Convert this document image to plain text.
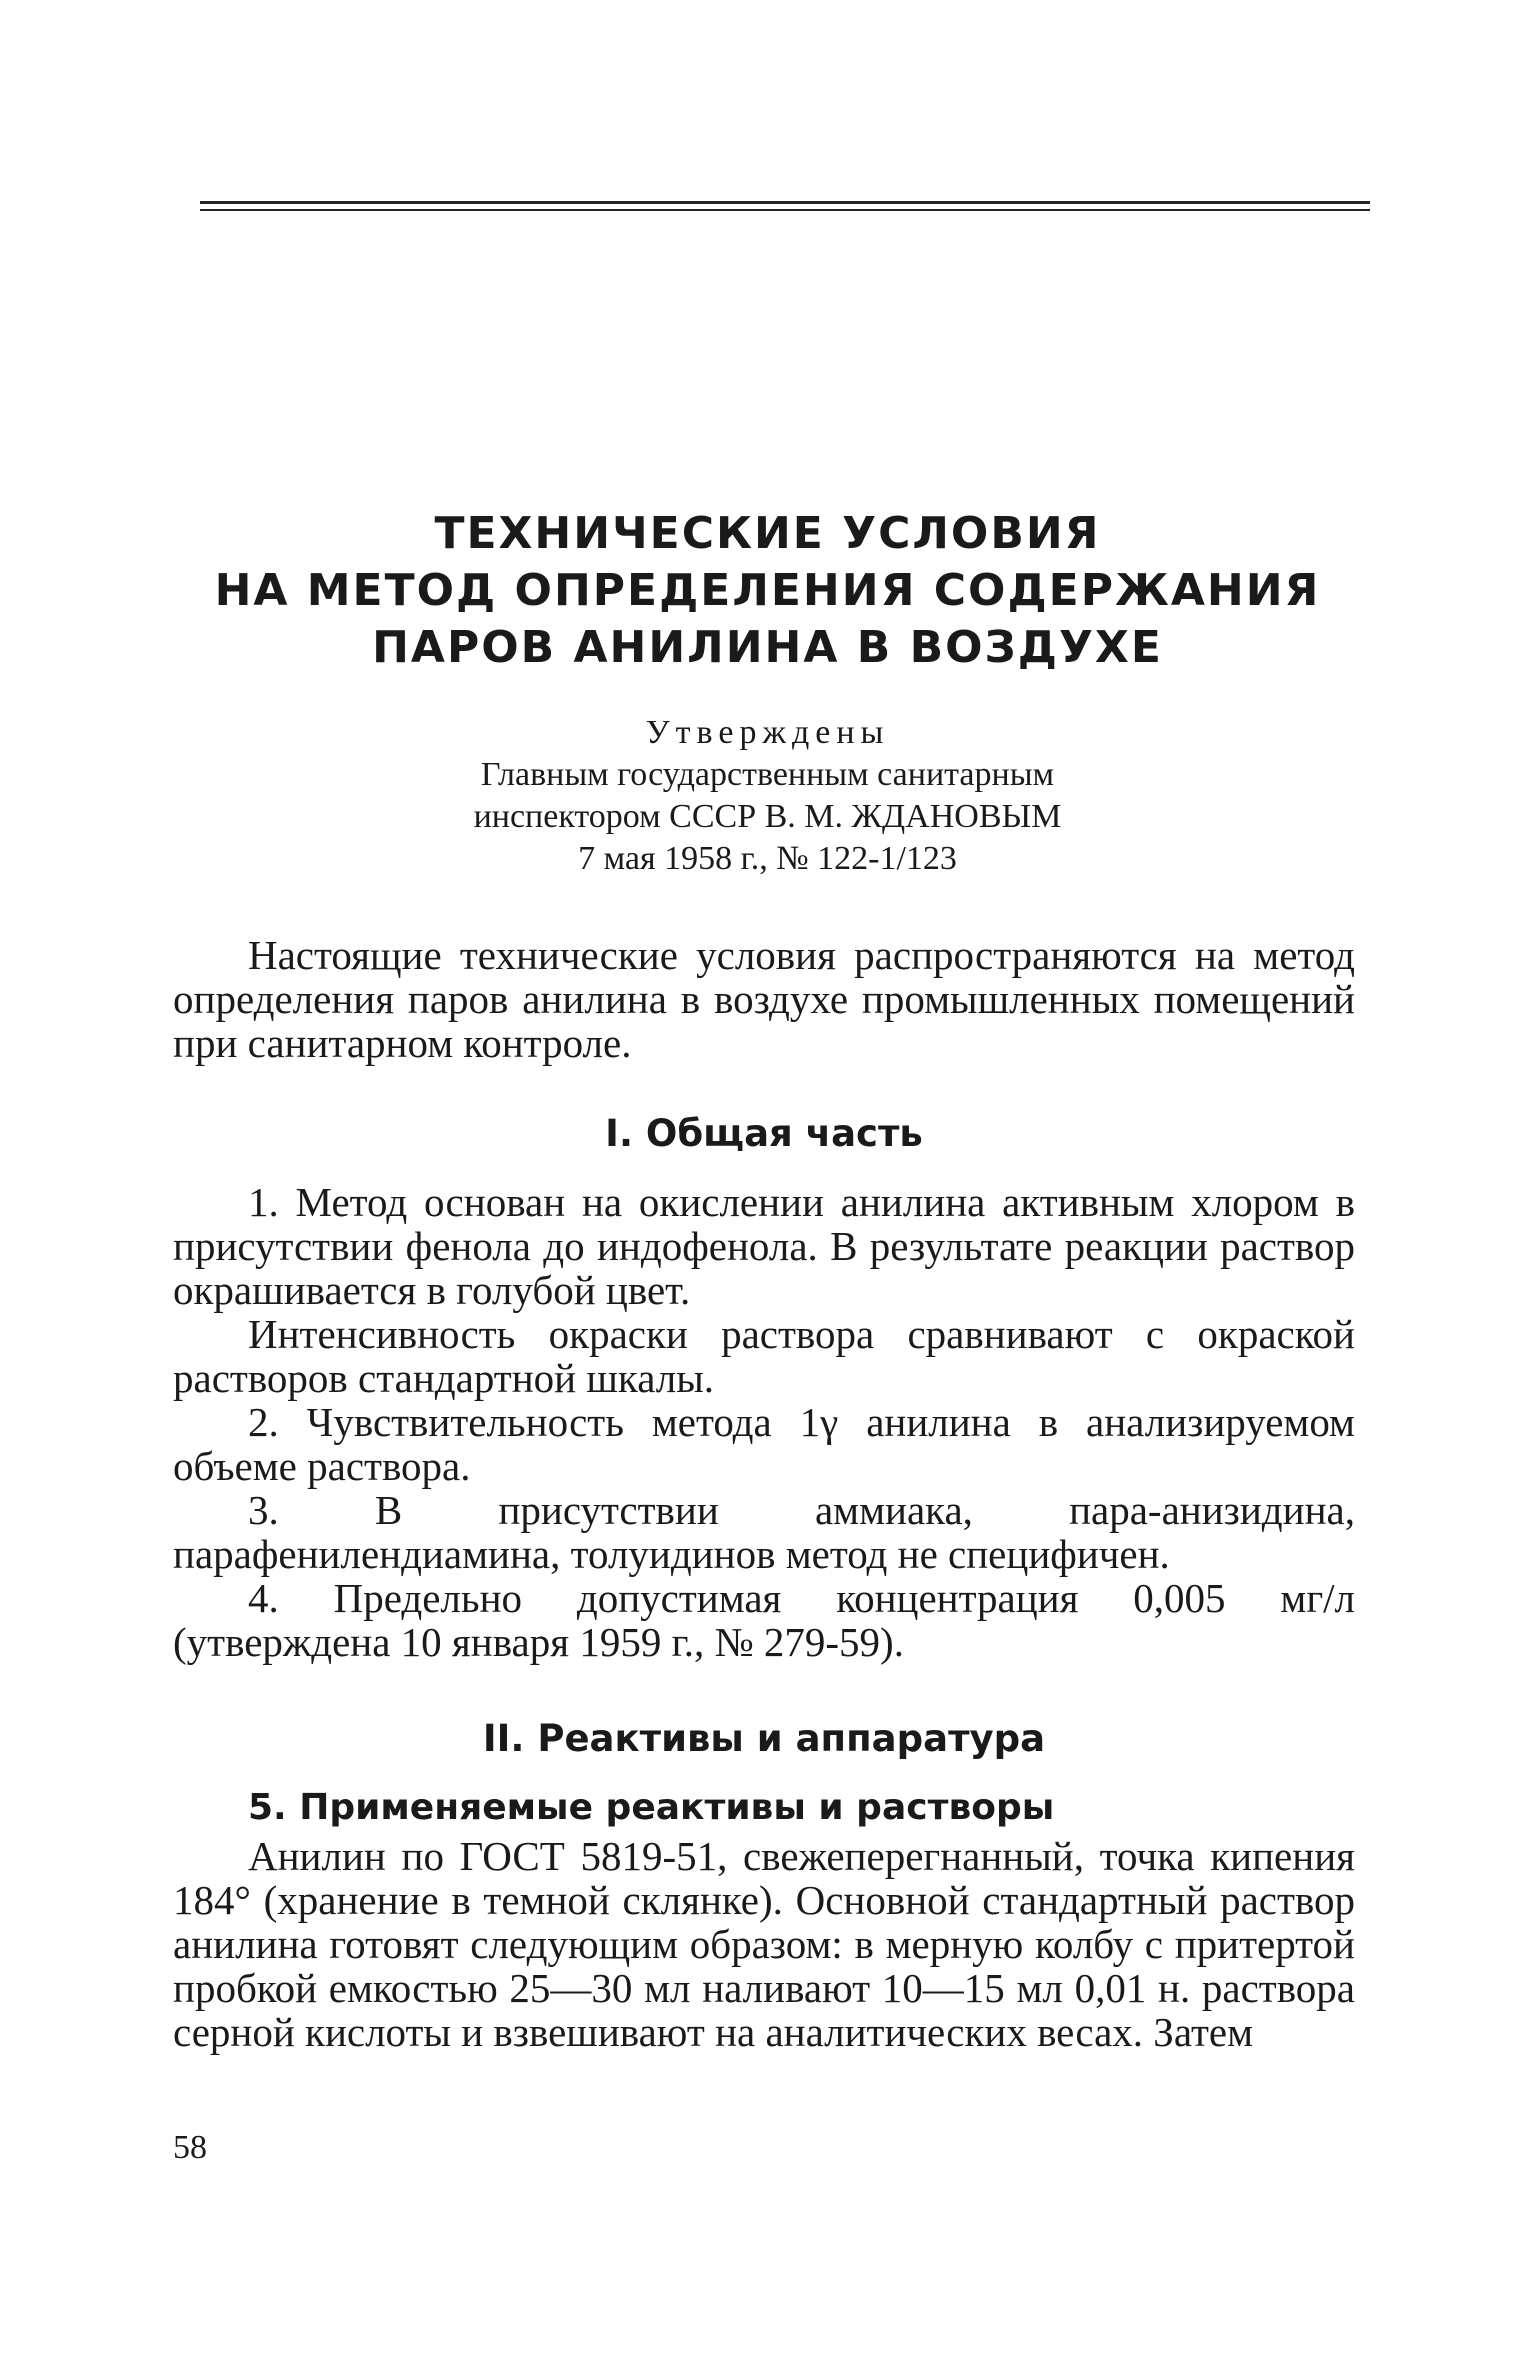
ТЕХНИЧЕСКИЕ УСЛОВИЯ
НА МЕТОД ОПРЕДЕЛЕНИЯ СОДЕРЖАНИЯ
ПАРОВ АНИЛИНА В ВОЗДУХЕ
Утверждены
Главным государственным санитарным
инспектором СССР В. М. ЖДАНОВЫМ
7 мая 1958 г., № 122-1/123

Настоящие технические условия распространяются на метод определения паров анилина в воздухе промышленных помещений при санитарном контроле.

I. Общая часть

1. Метод основан на окислении анилина активным хлором в присутствии фенола до индофенола. В результате реакции раствор окрашивается в голубой цвет.

Интенсивность окраски раствора сравнивают с окраской растворов стандартной шкалы.

2. Чувствительность метода 1γ анилина в анализируемом объеме раствора.

3. В присутствии аммиака, пара-анизидина, парафенилендиамина, толуидинов метод не специфичен.

4. Предельно допустимая концентрация 0,005 мг/л (утверждена 10 января 1959 г., № 279-59).

II. Реактивы и аппаратура
5. Применяемые реактивы и растворы

Анилин по ГОСТ 5819-51, свежеперегнанный, точка кипения 184° (хранение в темной склянке). Основной стандартный раствор анилина готовят следующим образом: в мерную колбу с притертой пробкой емкостью 25—30 мл наливают 10—15 мл 0,01 н. раствора серной кислоты и взвешивают на аналитических весах. Затем

58
